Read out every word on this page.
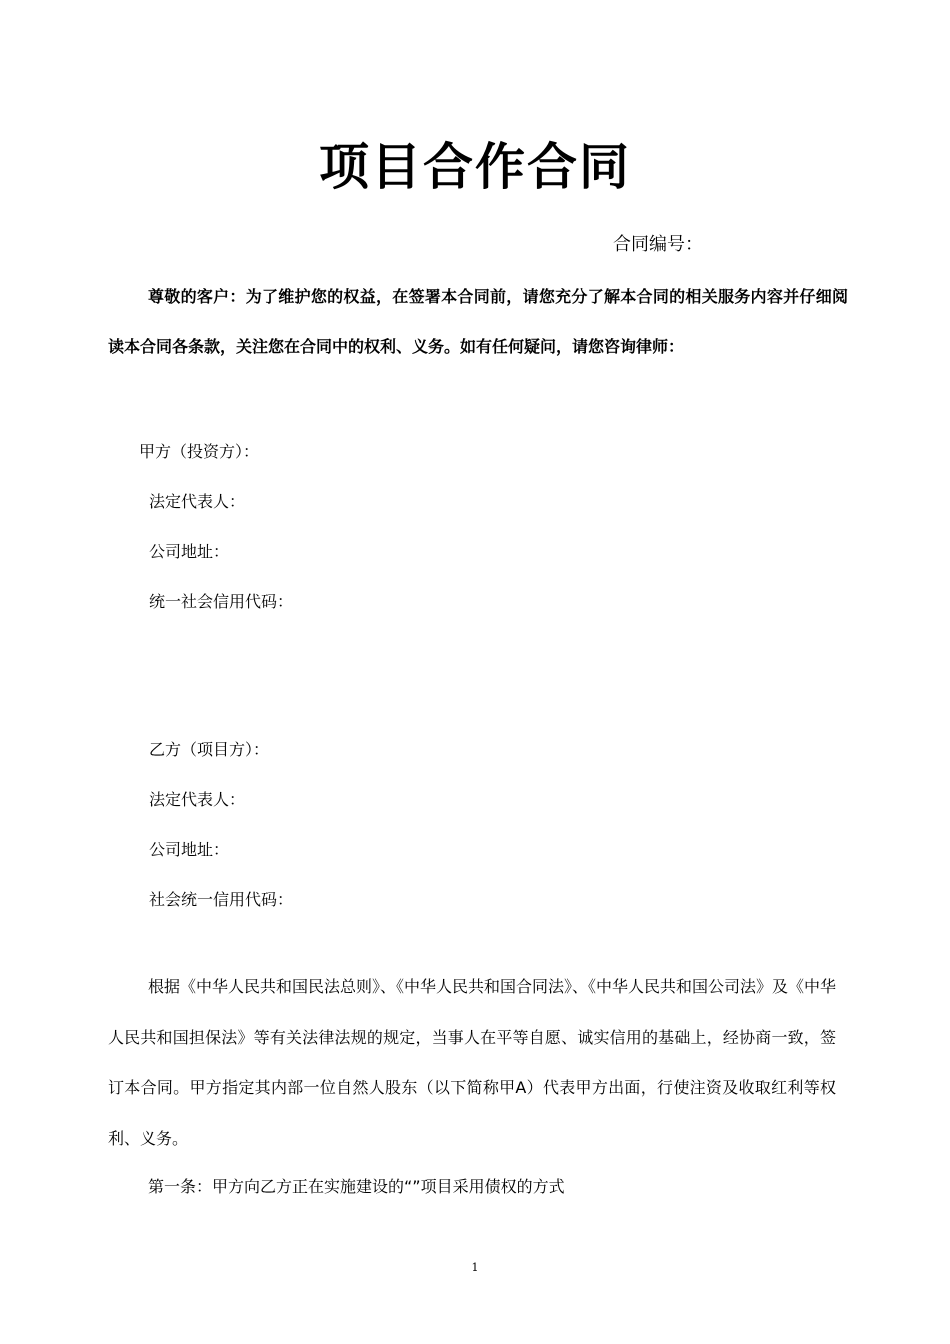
项目合作合同
合同编号：
尊敬的客户：为了维护您的权益，在签署本合同前，请您充分了解本合同的相关服务内容并仔细阅读本合同各条款，关注您在合同中的权利、义务。如有任何疑问，请您咨询律师：
甲方（投资方）：
法定代表人：
公司地址：
统一社会信用代码：
乙方（项目方）：
法定代表人：
公司地址：
社会统一信用代码：
根据《中华人民共和国民法总则》、《中华人民共和国合同法》、《中华人民共和国公司法》及《中华人民共和国担保法》等有关法律法规的规定，当事人在平等自愿、诚实信用的基础上，经协商一致，签订本合同。甲方指定其内部一位自然人股东（以下简称甲A）代表甲方出面，行使注资及收取红利等权利、义务。
第一条：甲方向乙方正在实施建设的“”项目采用债权的方式
1
